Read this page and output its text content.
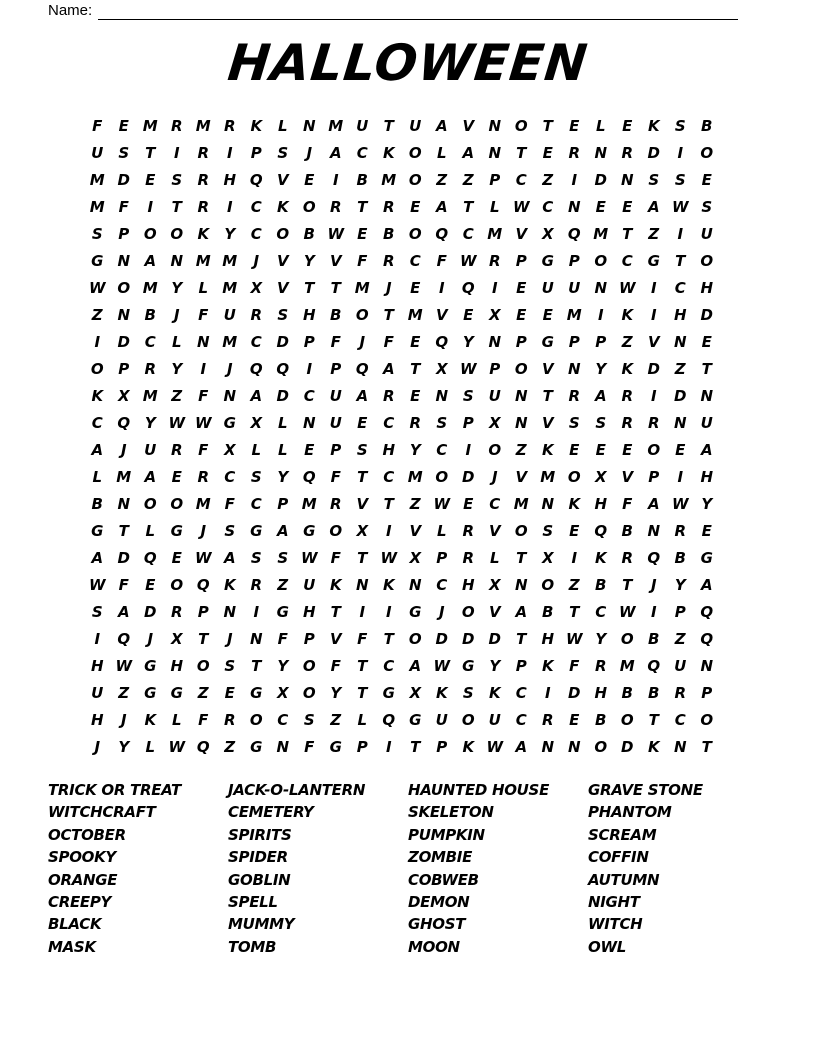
Name:
HALLOWEEN
F	E M R M R K	L	N M U	T	U A V N O	T	E	L	E	K	S	B
U	S	T	I	R	I	P	S	J	A	C	K O	L	A N	T	E	R N R D	I	O
M D	E	S	R H Q V	E	I	B M O Z	Z	P	C	Z	I	D N S	S	E
M F	I	T	R	I	C	K O R	T	R	E	A	T	L W C N	E	E	A W S
S	P O O K	Y	C O B W E	B O Q C M V X Q M T	Z	I	U
G N A N M M	J	V	Y	V	F	R	C	F W R	P G P O C G	T	O
W O M Y	L M X V	T	T M	J	E	I	Q	I	E	U U N W	I	C H
Z N B	J	F	U R	S H B O	T M V	E	X	E	E M	I	K	I	H D
I	D C	L	N M C D P	F	J	F	E Q Y N P G P	P	Z	V N	E
O P	R	Y	I	J	Q Q	I	P Q A	T	X W P O V N Y	K D Z	T
K X M Z	F	N A D C U A R	E	N S	U N	T	R A R	I	D N
C Q Y W W G X	L	N U	E	C	R	S	P	X N V	S	S	R R N U
A	J	U R	F	X	L	L	E	P	S H Y	C	I	O Z	K	E	E	E O	E	A
L M A	E	R	C	S	Y Q	F	T	C M O D	J	V M O X V	P	I	H
B N O O M F	C	P M R V	T	Z W E	C M N K H	F	A W Y
G	T	L	G	J	S G A G O X	I	V	L	R V O S	E Q B N R	E
A D Q	E W A	S	S W F	T W X	P	R	L	T	X	I	K R Q B G
W F	E O Q K R	Z U K N K N C H X N O Z	B	T	J	Y	A
S	A D R	P N	I	G H	T	I	I	G	J	O V A B	T	C W	I	P Q
I	Q	J	X	T	J	N	F	P	V	F	T	O D D D	T	H W Y O B	Z Q
H W G H O S	T	Y O	F	T	C	A W G Y	P	K	F	R M Q U N
U Z G G Z	E	G X O Y	T	G X K	S	K	C	I	D H B	B	R	P
H	J	K	L	F	R O C	S	Z	L	Q G U O U C	R	E	B O	T	C O
J	Y	L W Q Z G N	F	G P	I	T	P	K W A N N O D K N	T
TRICK OR TREAT	JACK-O-LANTERN	HAUNTED HOUSE	GRAVE STONE
WITCHCRAFT	CEMETERY	SKELETON	PHANTOM
OCTOBER	SPIRITS	PUMPKIN	SCREAM
SPOOKY	SPIDER	ZOMBIE	COFFIN
ORANGE	GOBLIN	COBWEB	AUTUMN
CREEPY	SPELL	DEMON	NIGHT
BLACK	MUMMY	GHOST	WITCH
MASK	TOMB	MOON	OWL
